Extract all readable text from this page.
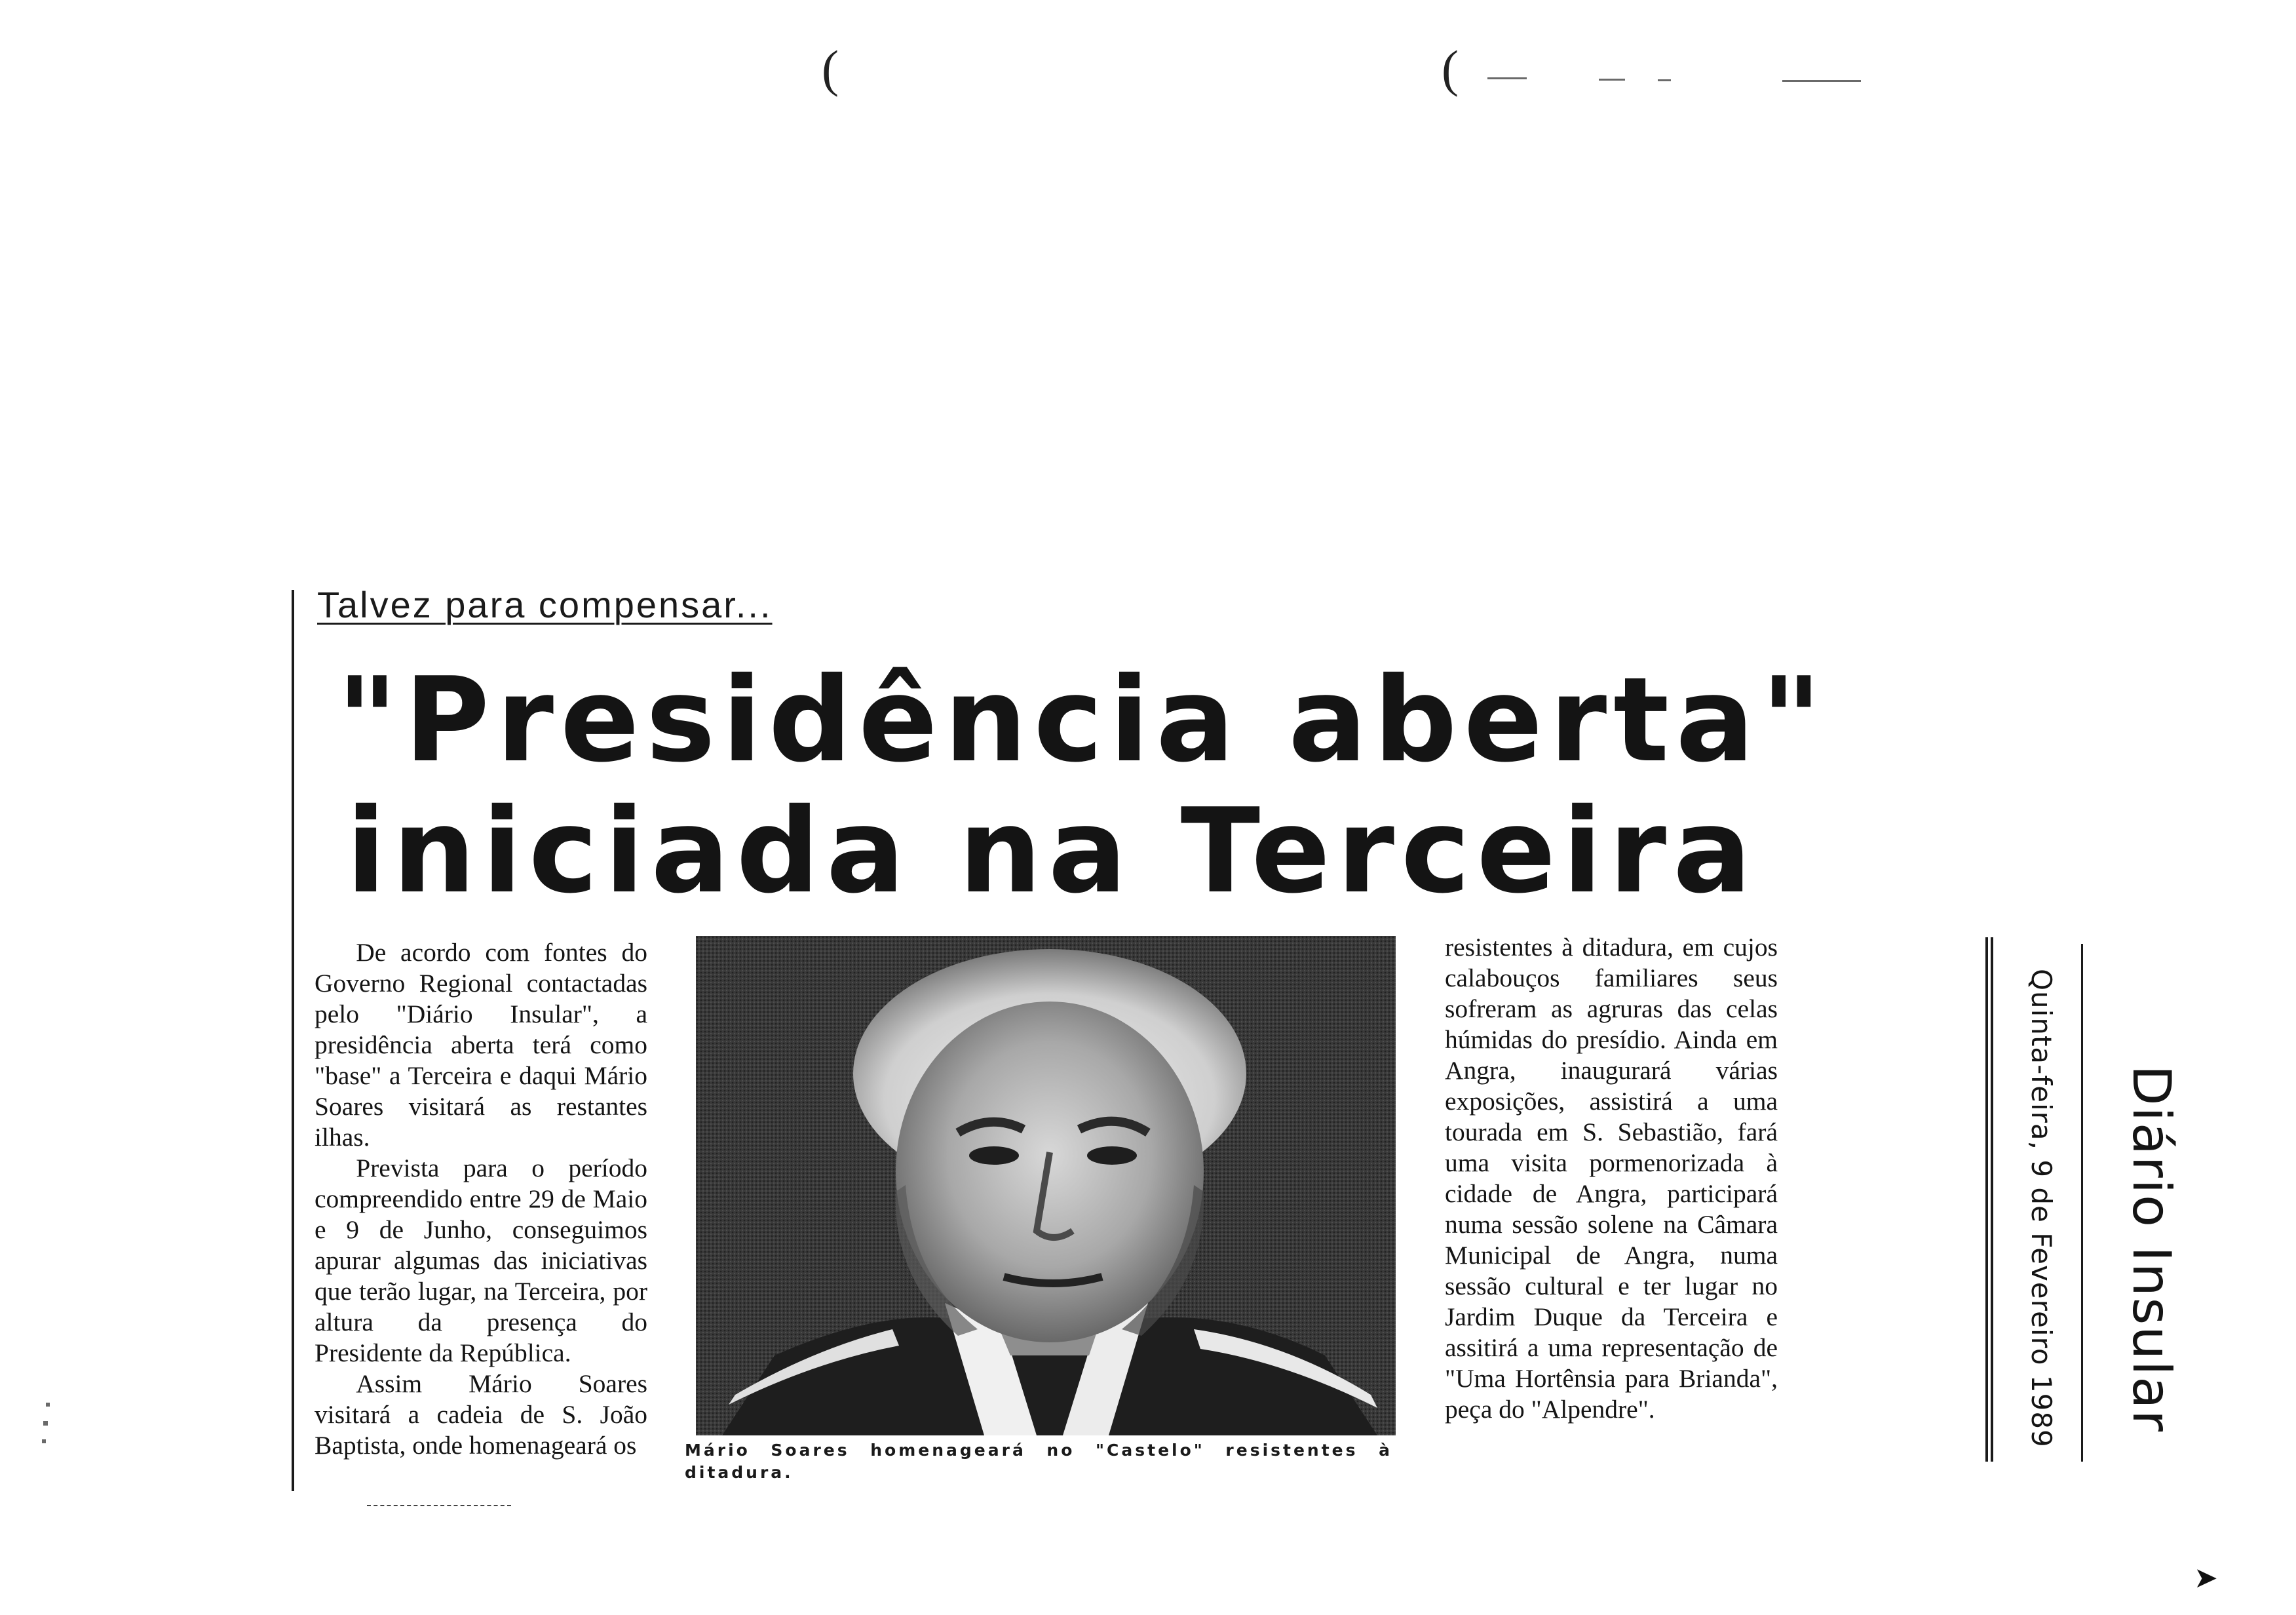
(	(
Talvez para compensar...
"Presidência aberta"
iniciada na Terceira

De acordo com fontes do Governo Regional contactadas pelo "Diário Insular", a presidência aberta terá como "base" a Terceira e daqui Mário Soares visitará as restantes ilhas.

Prevista para o período compreendido entre 29 de Maio e 9 de Junho, conseguimos apurar algumas das iniciativas que terão lugar, na Terceira, por altura da presença do Presidente da República.

Assim Mário Soares visitará a cadeia de S. João Baptista, onde homenageará os	Mário Soares homenageará no "Castelo" resistentes à ditadura.

resistentes à ditadura, em cujos calabouços familiares seus sofreram as agruras das celas húmidas do presídio. Ainda em Angra, inaugurará várias exposições, assistirá a uma tourada em S. Sebastião, fará uma visita pormenorizada à cidade de Angra, participará numa sessão solene na Câmara Municipal de Angra, numa sessão cultural e ter lugar no Jardim Duque da Terceira e assitirá a uma representação de "Uma Hortênsia para Brianda", peça do "Alpendre".	Quinta-feira, 9 de Fevereiro 1989 Diário Insular
➤
